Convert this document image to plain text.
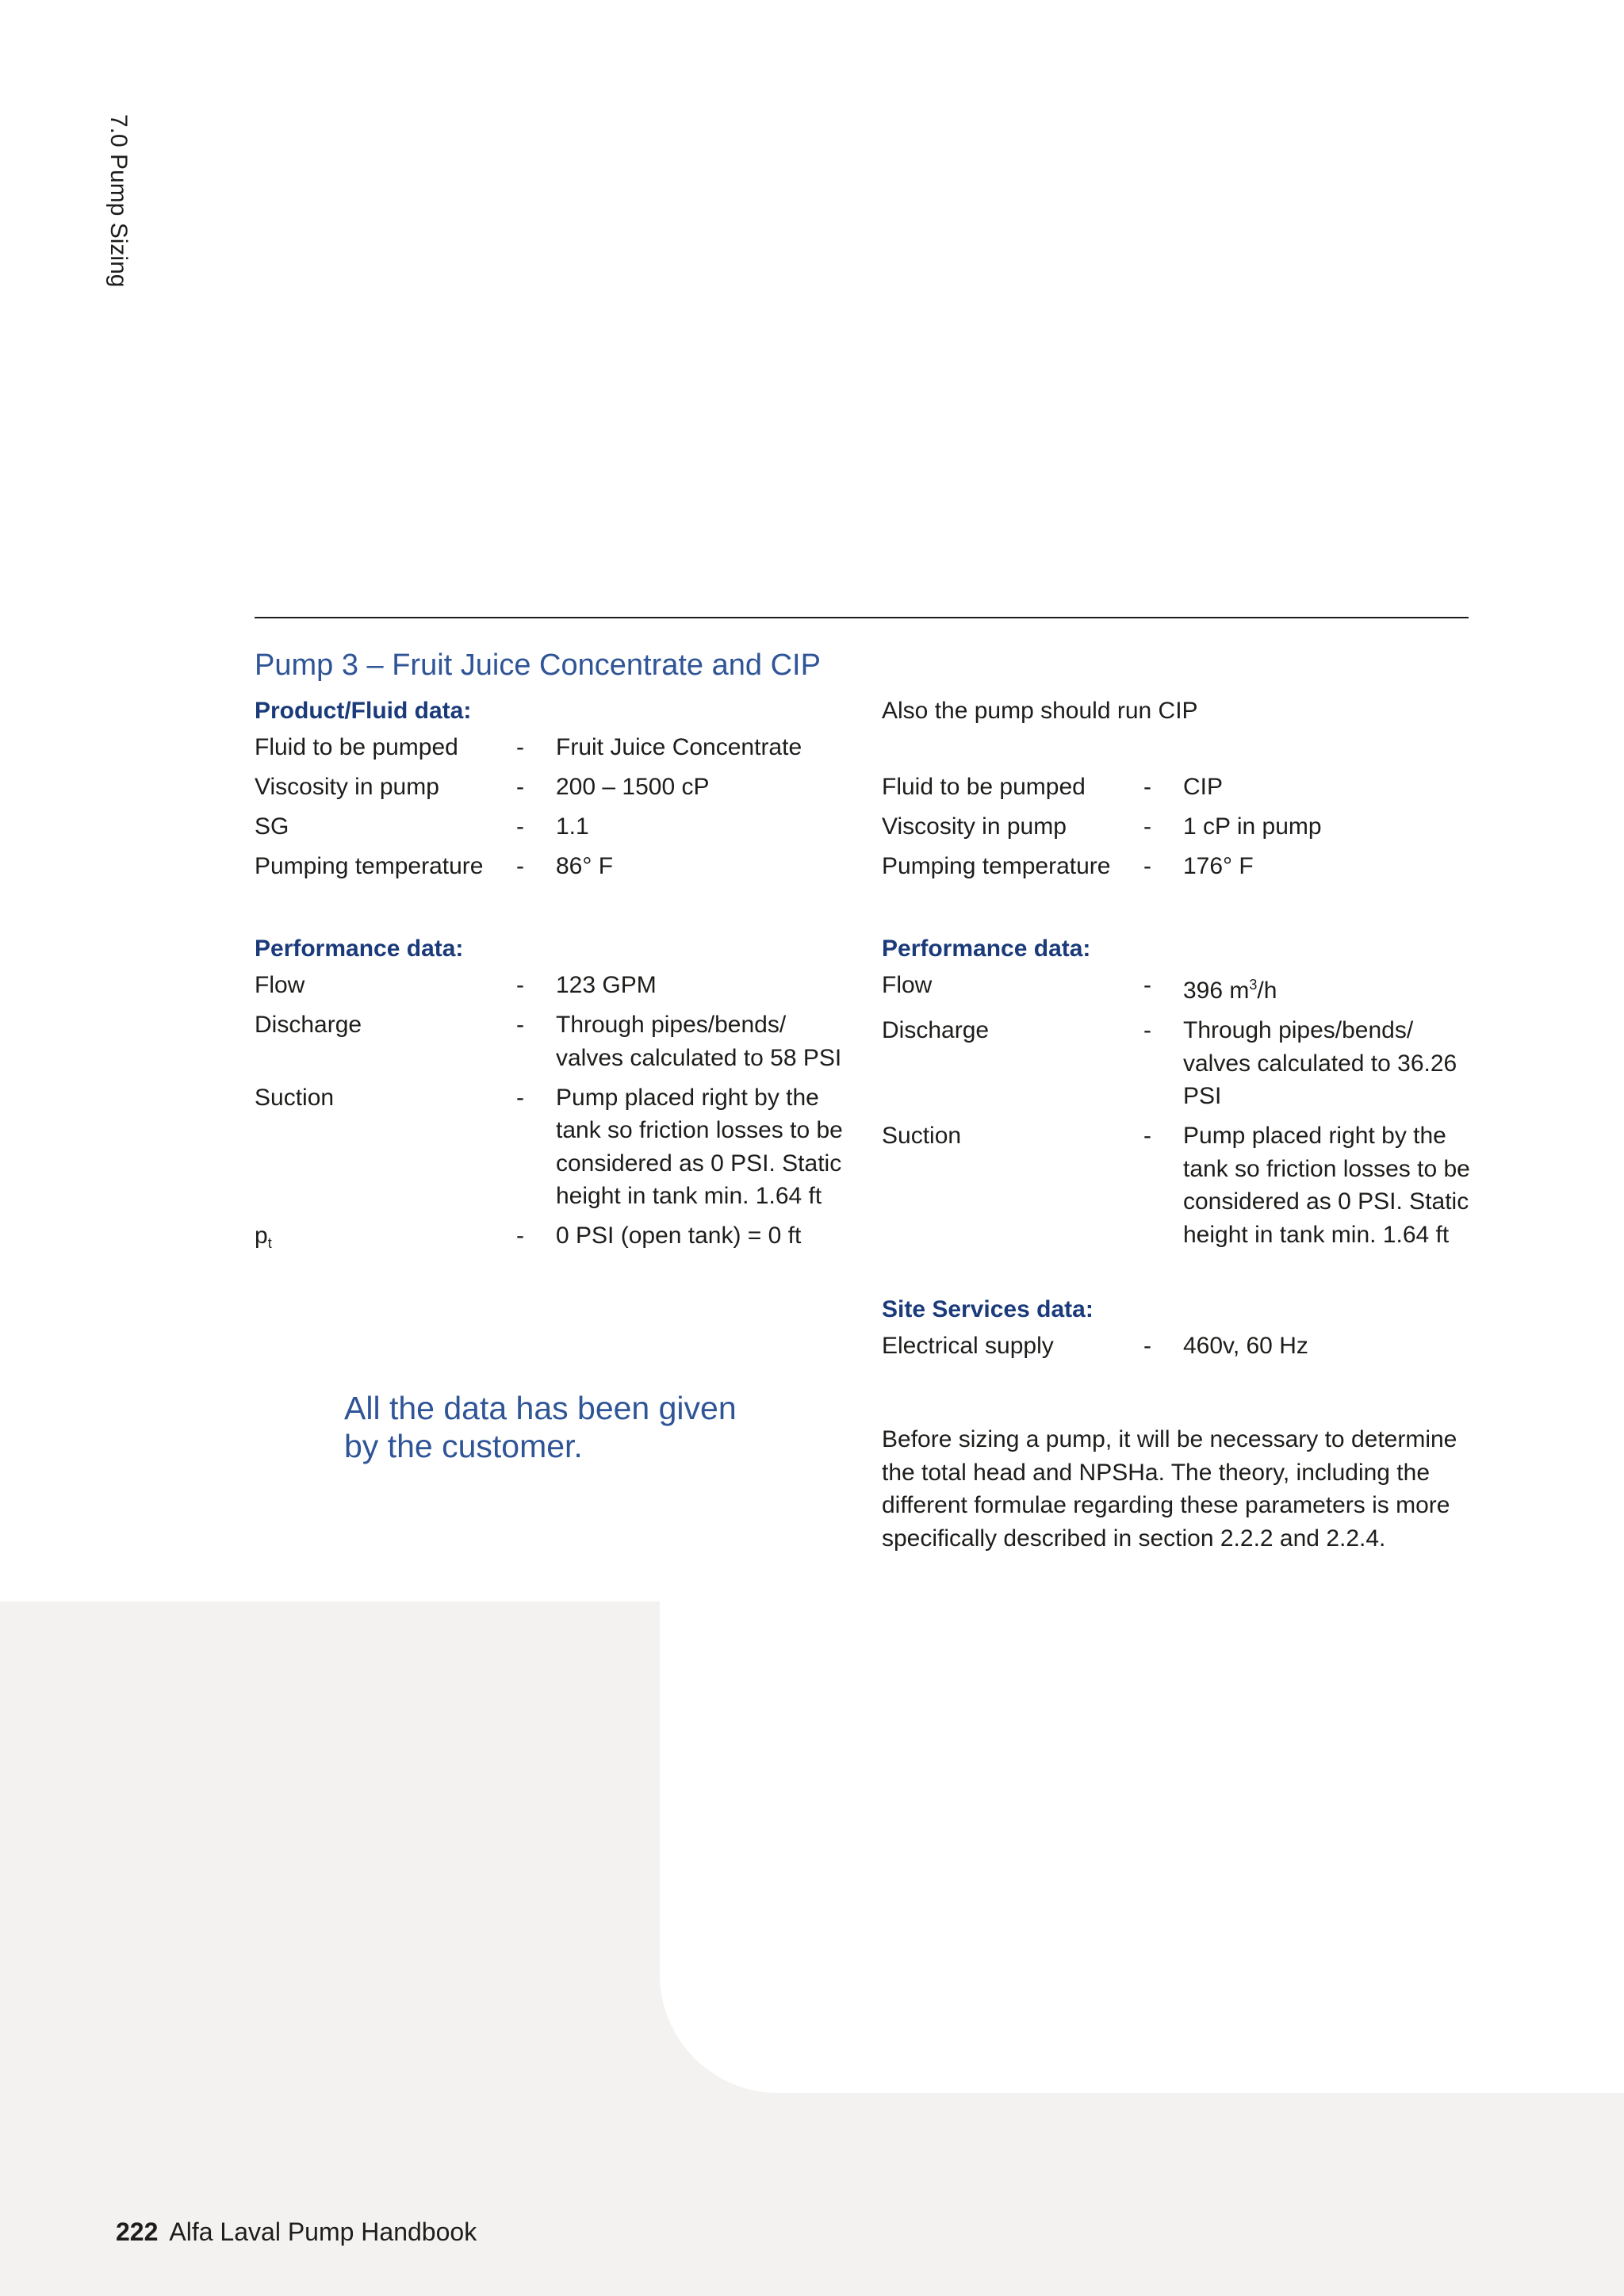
7.0 Pump Sizing
Pump 3 – Fruit Juice Concentrate and CIP
Product/Fluid data:
Fluid to be pumped	-	Fruit Juice Concentrate
Viscosity in pump	-	200 – 1500 cP
SG	-	1.1
Pumping temperature	-	86° F
Performance data:
Flow	-	123 GPM
Discharge	-	Through pipes/bends/ valves calculated to 58 PSI
Suction	-	Pump placed right by the tank so friction losses to be considered as 0 PSI. Static height in tank min. 1.64 ft
$p_t$	-	0 PSI (open tank) = 0 ft
Also the pump should run CIP
Fluid to be pumped	-	CIP
Viscosity in pump	-	1 cP in pump
Pumping temperature	-	176° F
Performance data:
Flow	-	396 $m^3/h$
Discharge	-	Through pipes/bends/ valves calculated to 36.26 PSI
Suction	-	Pump placed right by the tank so friction losses to be considered as 0 PSI. Static height in tank min. 1.64 ft
Site Services data:
Electrical supply	-	460v, 60 Hz
All the data has been given
by the customer.	Before sizing a pump, it will be necessary to determine the total head and NPSHa. The theory, including the different formulae regarding these parameters is more specifically described in section 2.2.2 and 2.2.4.
222 Alfa Laval Pump Handbook
